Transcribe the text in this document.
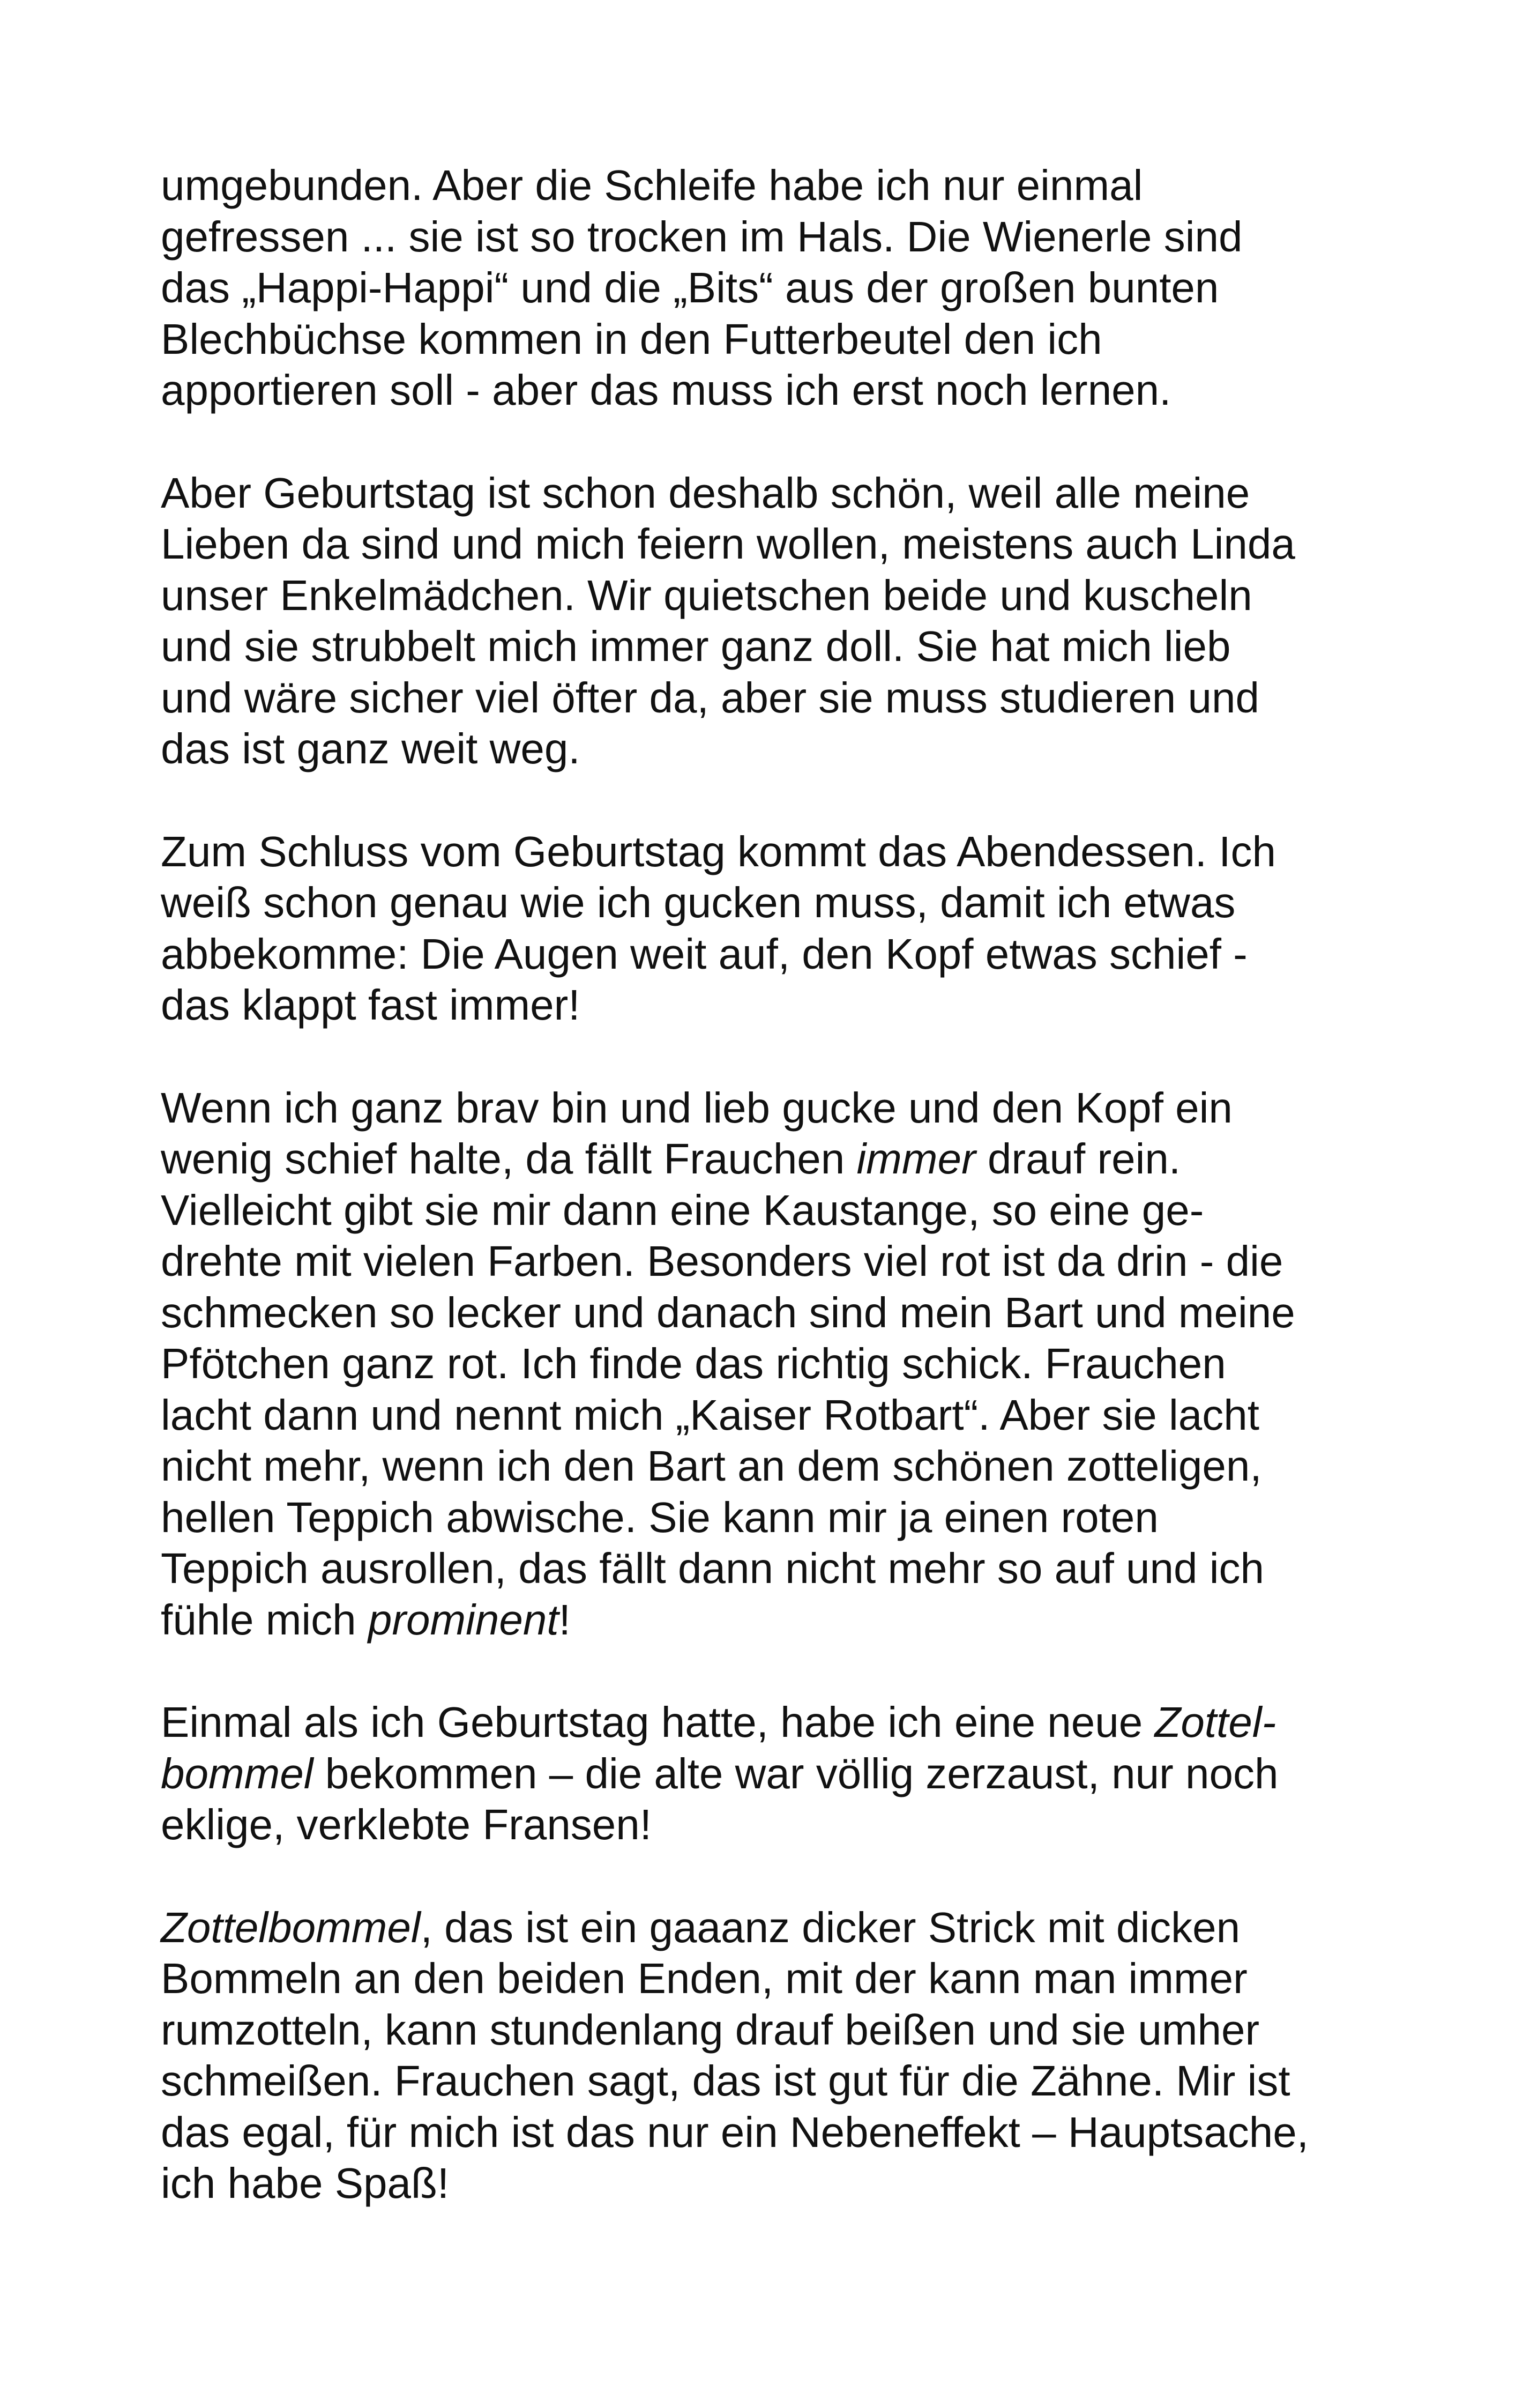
umgebunden. Aber die Schleife habe ich nur einmal
gefressen ... sie ist so trocken im Hals. Die Wienerle sind
das „Happi-Happi“ und die „Bits“ aus der großen bunten
Blechbüchse kommen in den Futterbeutel den ich
apportieren soll - aber das muss ich erst noch lernen.

Aber Geburtstag ist schon deshalb schön, weil alle meine
Lieben da sind und mich feiern wollen, meistens auch Linda
unser Enkelmädchen. Wir quietschen beide und kuscheln
und sie strubbelt mich immer ganz doll. Sie hat mich lieb
und wäre sicher viel öfter da, aber sie muss studieren und
das ist ganz weit weg.

Zum Schluss vom Geburtstag kommt das Abendessen. Ich
weiß schon genau wie ich gucken muss, damit ich etwas
abbekomme: Die Augen weit auf, den Kopf etwas schief -
das klappt fast immer!

Wenn ich ganz brav bin und lieb gucke und den Kopf ein
wenig schief halte, da fällt Frauchen immer drauf rein.
Vielleicht gibt sie mir dann eine Kaustange, so eine ge-
drehte mit vielen Farben. Besonders viel rot ist da drin - die
schmecken so lecker und danach sind mein Bart und meine
Pfötchen ganz rot. Ich finde das richtig schick. Frauchen
lacht dann und nennt mich „Kaiser Rotbart“. Aber sie lacht
nicht mehr, wenn ich den Bart an dem schönen zotteligen,
hellen Teppich abwische. Sie kann mir ja einen roten
Teppich ausrollen, das fällt dann nicht mehr so auf und ich
fühle mich prominent!

Einmal als ich Geburtstag hatte, habe ich eine neue Zottel-
bommel bekommen – die alte war völlig zerzaust, nur noch
eklige, verklebte Fransen!

Zottelbommel, das ist ein gaaanz dicker Strick mit dicken
Bommeln an den beiden Enden, mit der kann man immer
rumzotteln, kann stundenlang drauf beißen und sie umher
schmeißen. Frauchen sagt, das ist gut für die Zähne. Mir ist
das egal, für mich ist das nur ein Nebeneffekt – Hauptsache,
ich habe Spaß!
